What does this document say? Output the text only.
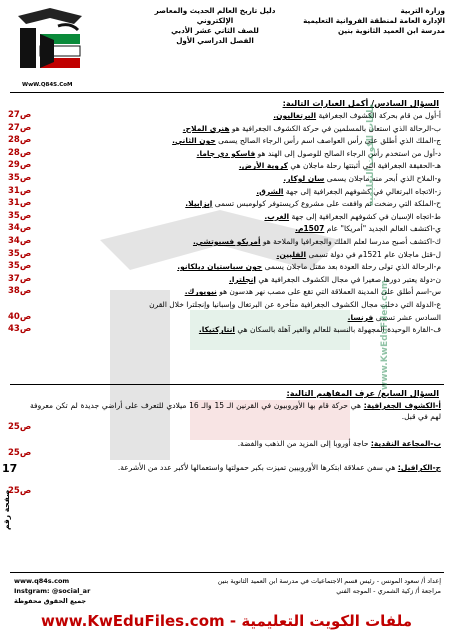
وزارة التربية
الإدارة العامة لمنطقة الفروانية التعليمية
مدرسة ابن العميد الثانوية بنين
دليل تاريخ العالم الحديث والمعاصر الإلكتروني
للصف الثاني عشر الأدبي
الفصل الدراسي الأول
WwW.Q84S.CoM
السؤال السادس/ أكمل العبارات التالية:
أ-أول من قام بحركة الكشوف الجغرافية البرتغاليون.
ص27
ب-الرحالة الذي استعان بالمسلمين في حركة الكشوف الجغرافية هو هنري الملاح.
ص27
ج-الملك الذي أطلق على رأس العواصف اسم رأس الرجاء الصالح يسمى جون الثاني.
ص28
د-أول من استخدم رأس الرجاء الصالح للوصول إلى الهند هو فاسكو دي جاما.
ص28
هـ-الحقيقة الجغرافية التي أثبتتها رحلة ماجلان هي كروية الأرض.
ص29
و-الملاح الذي أبحر منه ماجلان يسمى سان لوكار.
ص35
ز-الاتجاه البرتغالي في كشوفهم الجغرافية إلى جهة الشرق.
ص31
ح-الملكة التي رضخت ثم وافقت على مشروع كريستوفر كولومبس تسمى إيزابيلا.
ص31
ط-اتجاه الإسبان في كشوفهم الجغرافية إلى جهة الغرب.
ص35
ي-اكتشف العالم الجديد "أمريكا" عام 1507م.
ص34
ك-اكتشف أصبح مدرسا لعلم الفلك والجغرافيا والملاحة هو أمريكو فسبوتشي.
ص34
ل-قتل ماجلان عام 1521م في دولة تسمى الفلبين.
ص35
م-الرحالة الذي تولى رحلة العودة بعد مقتل ماجلان يسمى جون سباستيان ديلكانو.
ص35
ن-دولة يعتبر دورها صغيرا في مجال الكشوف الجغرافية هي إنجلترا.
ص37
س-اسم أطلق على المدينة العملاقة التي تقع على مصب نهر هدسون هو نيويورك.
ص38
ع-الدولة التي دخلت مجال الكشوف الجغرافية متأخرة عن البرتغال وإسبانيا وإنجلترا خلال القرن
السادس عشر تسمى فرنسا.
ص40
ف-القارة الوحيدة المجهولة بالنسبة للعالم والغير آهلة بالسكان هي انتاركتيكا.
ص43
السؤال السابع/ عرف المفاهيم التالية:
أ-الكشوف الجغرافية: هي حركة قام بها الأوروبيون في القرنين الـ 15 والـ 16 ميلادي للتعرف على أراضي جديدة لم تكن معروفة لهم في قبل.
ص25
ب-المجاعة النقدية: حاجة أوروبا إلى المزيد من الذهب والفضة.
ص25
ج-الكرافيل: هي سفن عملاقة ابتكرها الأوروبيين تميزت بكبر حمولتها واستعمالها لأكبر عدد من الأشرعة.
ص25
صفحة رقم
17
ملفات الكويت التعليمية
www.KwEduFiles.com
www.q84s.com
Instgram: @social_ar
جميع الحقوق محفوظة
إعداد أ/ سعود المونس - رئيس قسم الاجتماعيات في مدرسة ابن العميد الثانوية بنين
مراجعة أ/ زكية الشمري - الموجه الفني
ملفات الكويت التعليمية - www.KwEduFiles.com
